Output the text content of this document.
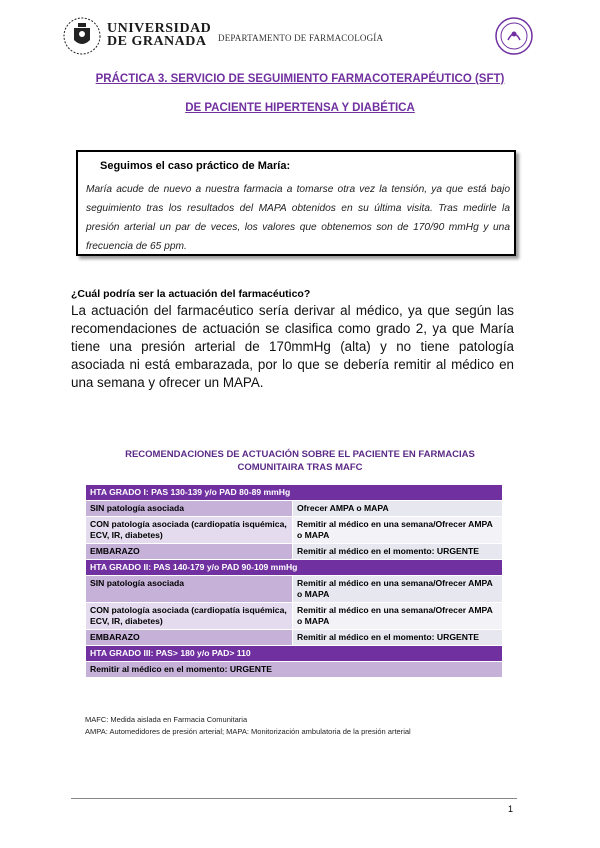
UNIVERSIDAD
DE GRANADA	DEPARTAMENTO DE FARMACOLOGÍA
PRÁCTICA 3. SERVICIO DE SEGUIMIENTO FARMACOTERAPÉUTICO (SFT)
DE PACIENTE HIPERTENSA Y DIABÉTICA
Seguimos el caso práctico de María:
María acude de nuevo a nuestra farmacia a tomarse otra vez la tensión, ya que está bajo seguimiento tras los resultados del MAPA obtenidos en su última visita. Tras medirle la presión arterial un par de veces, los valores que obtenemos son de 170/90 mmHg y una frecuencia de 65 ppm.
¿Cuál podría ser la actuación del farmacéutico?
La actuación del farmacéutico sería derivar al médico, ya que según las recomendaciones de actuación se clasifica como grado 2, ya que María tiene una presión arterial de 170mmHg (alta) y no tiene patología asociada ni está embarazada, por lo que se debería remitir al médico en una semana y ofrecer un MAPA.
RECOMENDACIONES DE ACTUACIÓN SOBRE EL PACIENTE EN FARMACIAS
COMUNITAIRA TRAS MAFC
HTA GRADO I: PAS 130-139 y/o PAD 80-89 mmHg	
SIN patología asociada	Ofrecer AMPA o MAPA
CON patología asociada (cardiopatía isquémica, ECV, IR, diabetes)	Remitir al médico en una semana/Ofrecer AMPA o MAPA
EMBARAZO	Remitir al médico en el momento: URGENTE
HTA GRADO II: PAS 140-179 y/o PAD 90-109 mmHg	
SIN patología asociada	Remitir al médico en una semana/Ofrecer AMPA o MAPA
CON patología asociada (cardiopatía isquémica, ECV, IR, diabetes)	Remitir al médico en una semana/Ofrecer AMPA o MAPA
EMBARAZO	Remitir al médico en el momento: URGENTE
HTA GRADO III: PAS> 180 y/o PAD> 110	
Remitir al médico en el momento: URGENTE	
MAFC: Medida aislada en Farmacia Comunitaria
AMPA: Automedidores de presión arterial; MAPA: Monitorización ambulatoria de la presión arterial
1
